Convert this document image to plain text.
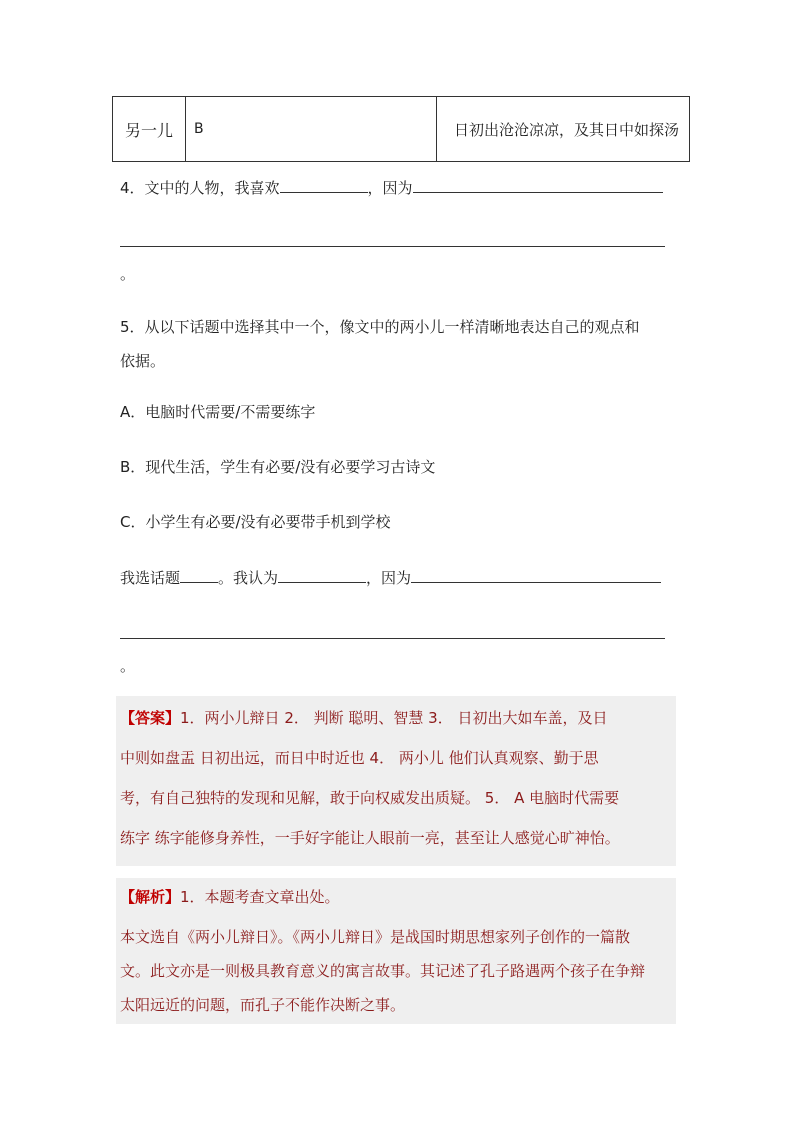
另一儿	B	日初出沧沧凉凉，及其日中如探汤
4．文中的人物，我喜欢	，因为
。
5．从以下话题中选择其中一个，像文中的两小儿一样清晰地表达自己的观点和
依据。
A．电脑时代需要/不需要练字
B．现代生活，学生有必要/没有必要学习古诗文
C．小学生有必要/没有必要带手机到学校
我选话题	。我认为	，因为
。
【答案】1．两小儿辩日 2． 判断 聪明、智慧 3． 日初出大如车盖，及日
中则如盘盂 日初出远，而日中时近也 4． 两小儿 他们认真观察、勤于思
考，有自己独特的发现和见解，敢于向权威发出质疑。 5． A 电脑时代需要
练字 练字能修身养性，一手好字能让人眼前一亮，甚至让人感觉心旷神怡。
【解析】1．本题考查文章出处。
本文选自《两小儿辩日》。《两小儿辩日》是战国时期思想家列子创作的一篇散
文。此文亦是一则极具教育意义的寓言故事。其记述了孔子路遇两个孩子在争辩
太阳远近的问题，而孔子不能作决断之事。
